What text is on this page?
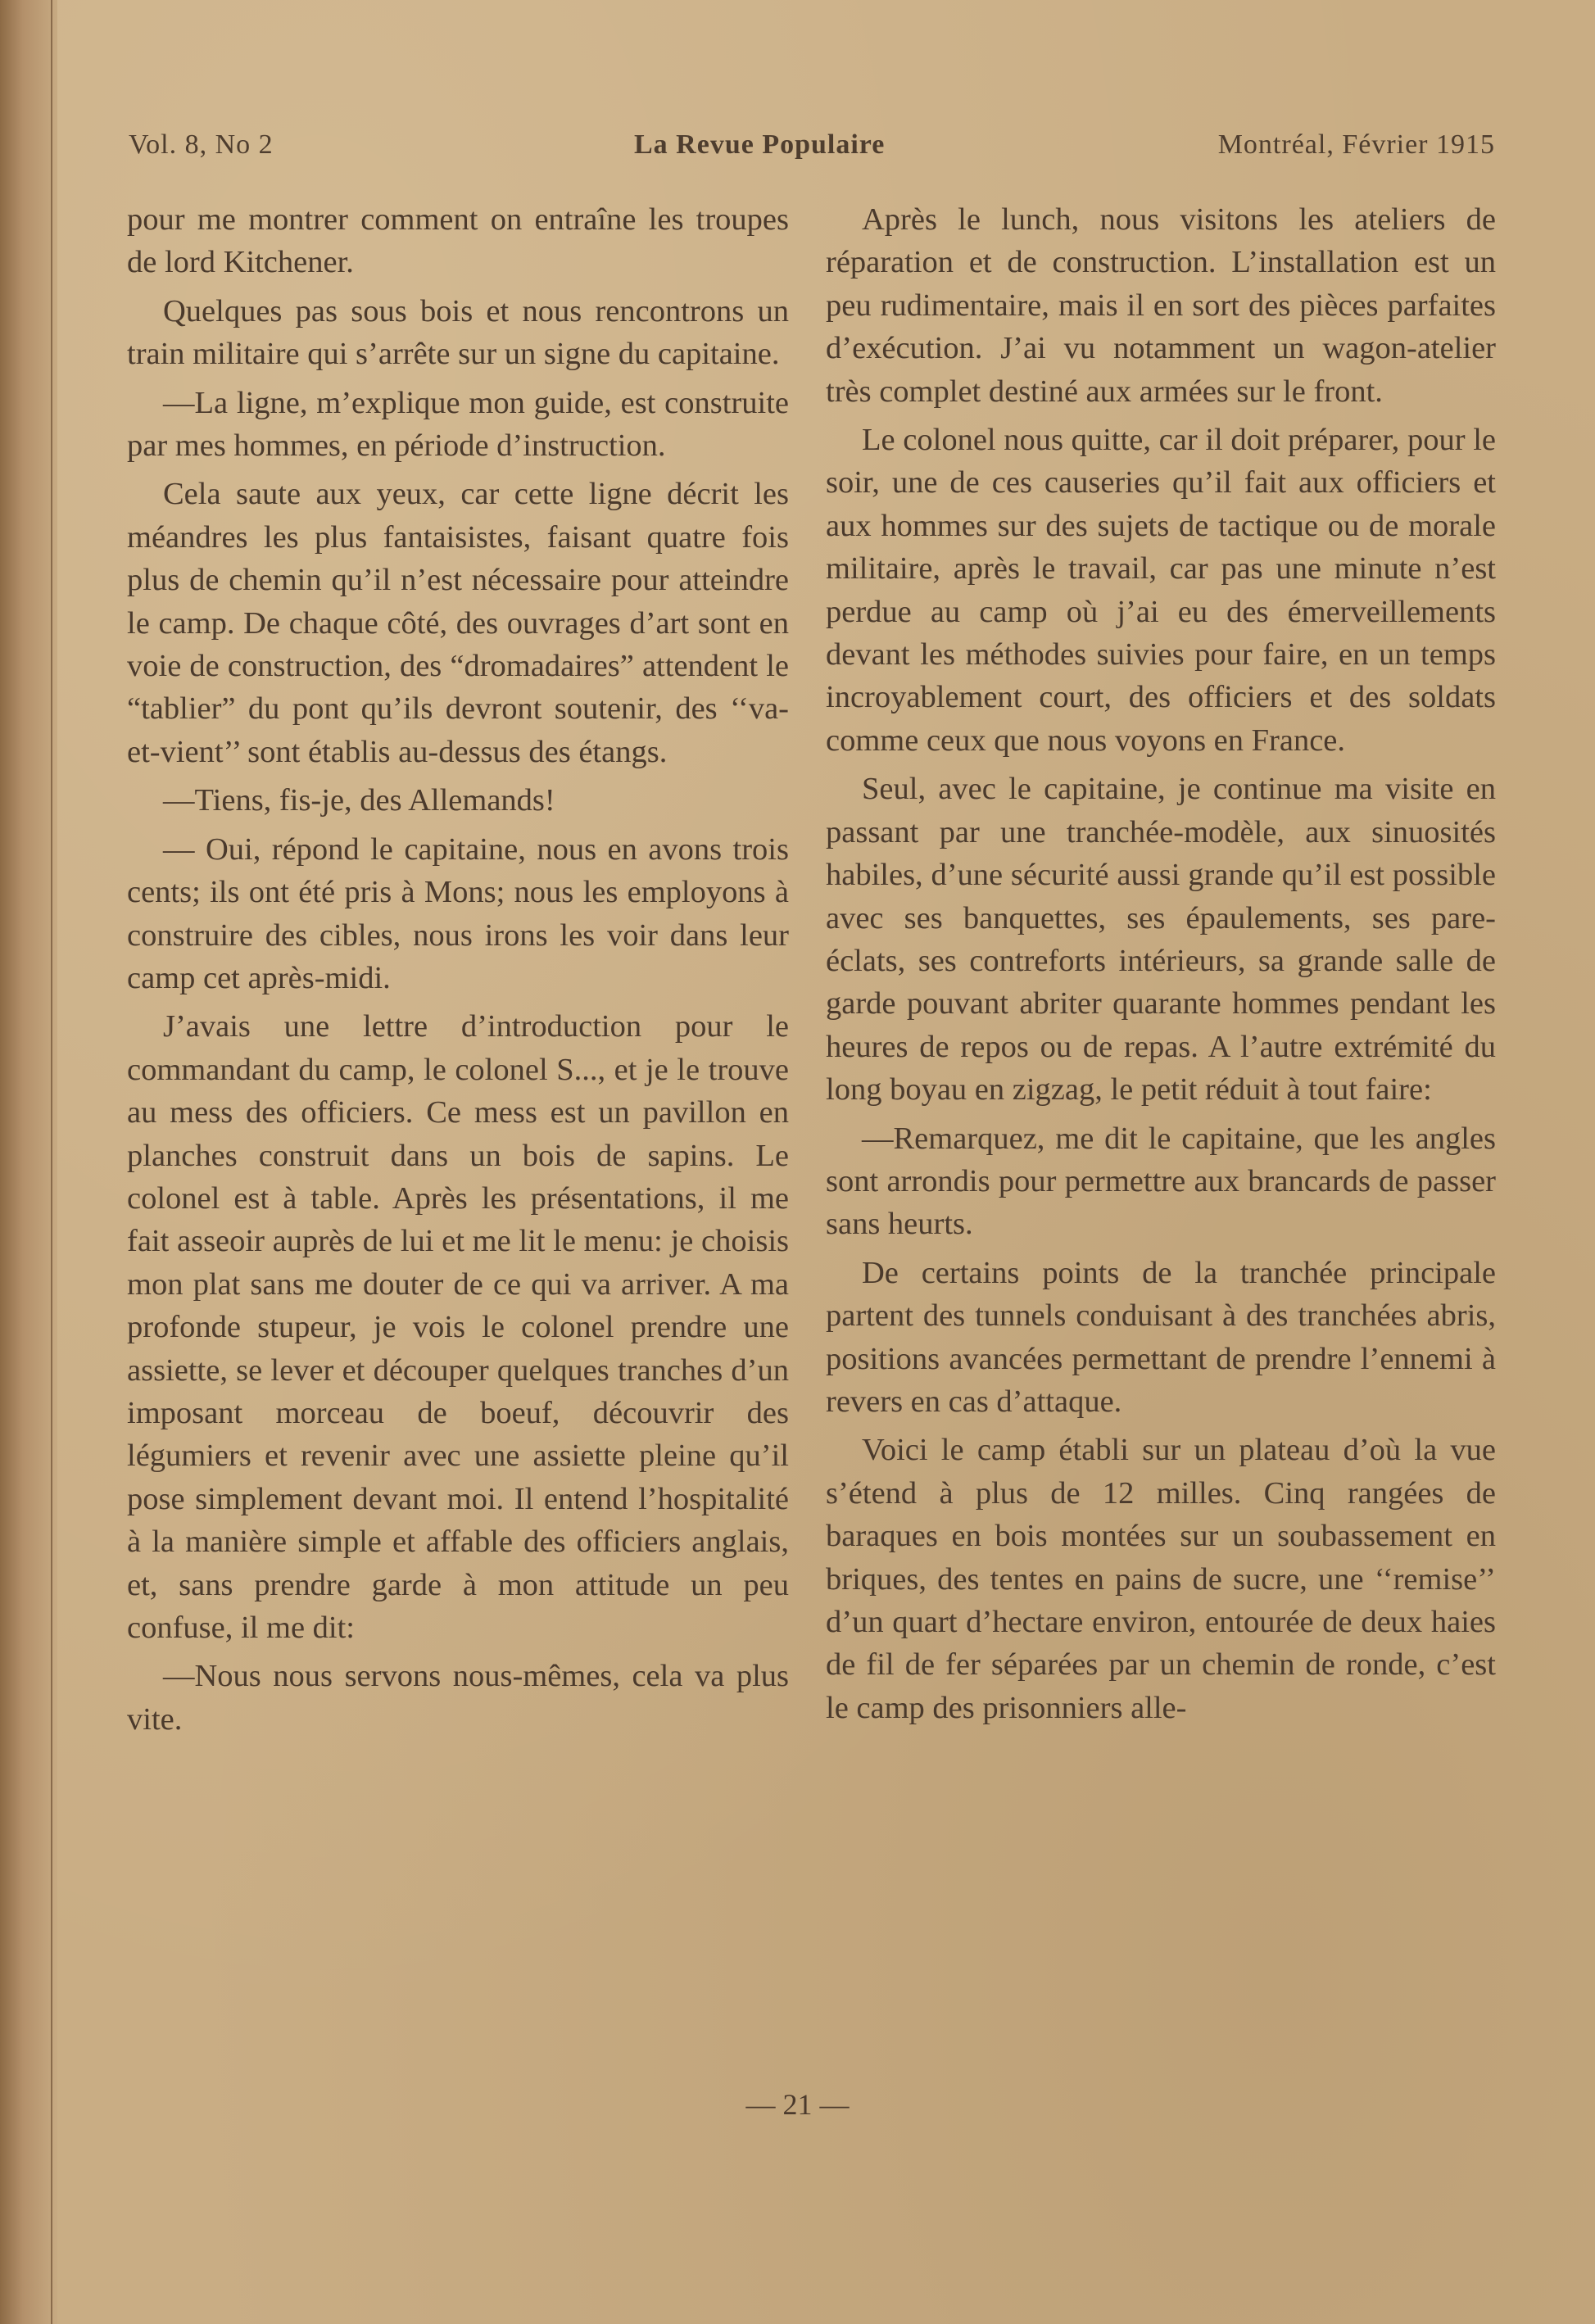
Vol. 8, No 2	La Revue Populaire	Montréal, Février 1915

pour me montrer comment on entraîne les troupes de lord Kitchener.

Quelques pas sous bois et nous rencontrons un train militaire qui s’arrête sur un signe du capitaine.

—La ligne, m’explique mon guide, est construite par mes hommes, en période d’instruction.

Cela saute aux yeux, car cette ligne décrit les méandres les plus fantaisistes, faisant quatre fois plus de chemin qu’il n’est nécessaire pour atteindre le camp. De chaque côté, des ouvrages d’art sont en voie de construction, des “dromadaires” attendent le “tablier” du pont qu’ils devront soutenir, des ‘‘va-et-vient’’ sont établis au-dessus des étangs.

—Tiens, fis-je, des Allemands!

— Oui, répond le capitaine, nous en avons trois cents; ils ont été pris à Mons; nous les employons à construire des cibles, nous irons les voir dans leur camp cet après-midi.

J’avais une lettre d’introduction pour le commandant du camp, le colonel S..., et je le trouve au mess des officiers. Ce mess est un pavillon en planches construit dans un bois de sapins. Le colonel est à table. Après les présentations, il me fait asseoir auprès de lui et me lit le menu: je choisis mon plat sans me douter de ce qui va arriver. A ma profonde stupeur, je vois le colonel prendre une assiette, se lever et découper quelques tranches d’un imposant morceau de boeuf, découvrir des légumiers et revenir avec une assiette pleine qu’il pose simplement devant moi. Il entend l’hospitalité à la manière simple et affable des officiers anglais, et, sans prendre garde à mon attitude un peu confuse, il me dit:

—Nous nous servons nous-mêmes, cela va plus vite.

Après le lunch, nous visitons les ateliers de réparation et de construction. L’installation est un peu rudimentaire, mais il en sort des pièces parfaites d’exécution. J’ai vu notamment un wagon-atelier très complet destiné aux armées sur le front.

Le colonel nous quitte, car il doit préparer, pour le soir, une de ces causeries qu’il fait aux officiers et aux hommes sur des sujets de tactique ou de morale militaire, après le travail, car pas une minute n’est perdue au camp où j’ai eu des émerveillements devant les méthodes suivies pour faire, en un temps incroyablement court, des officiers et des soldats comme ceux que nous voyons en France.

Seul, avec le capitaine, je continue ma visite en passant par une tranchée-modèle, aux sinuosités habiles, d’une sécurité aussi grande qu’il est possible avec ses banquettes, ses épaulements, ses pare-éclats, ses contreforts intérieurs, sa grande salle de garde pouvant abriter quarante hommes pendant les heures de repos ou de repas. A l’autre extrémité du long boyau en zigzag, le petit réduit à tout faire:

—Remarquez, me dit le capitaine, que les angles sont arrondis pour permettre aux brancards de passer sans heurts.

De certains points de la tranchée principale partent des tunnels conduisant à des tranchées abris, positions avancées permettant de prendre l’ennemi à revers en cas d’attaque.

Voici le camp établi sur un plateau d’où la vue s’étend à plus de 12 milles. Cinq rangées de baraques en bois montées sur un soubassement en briques, des tentes en pains de sucre, une ‘‘remise’’ d’un quart d’hectare environ, entourée de deux haies de fil de fer séparées par un chemin de ronde, c’est le camp des prisonniers alle-

— 21 —
